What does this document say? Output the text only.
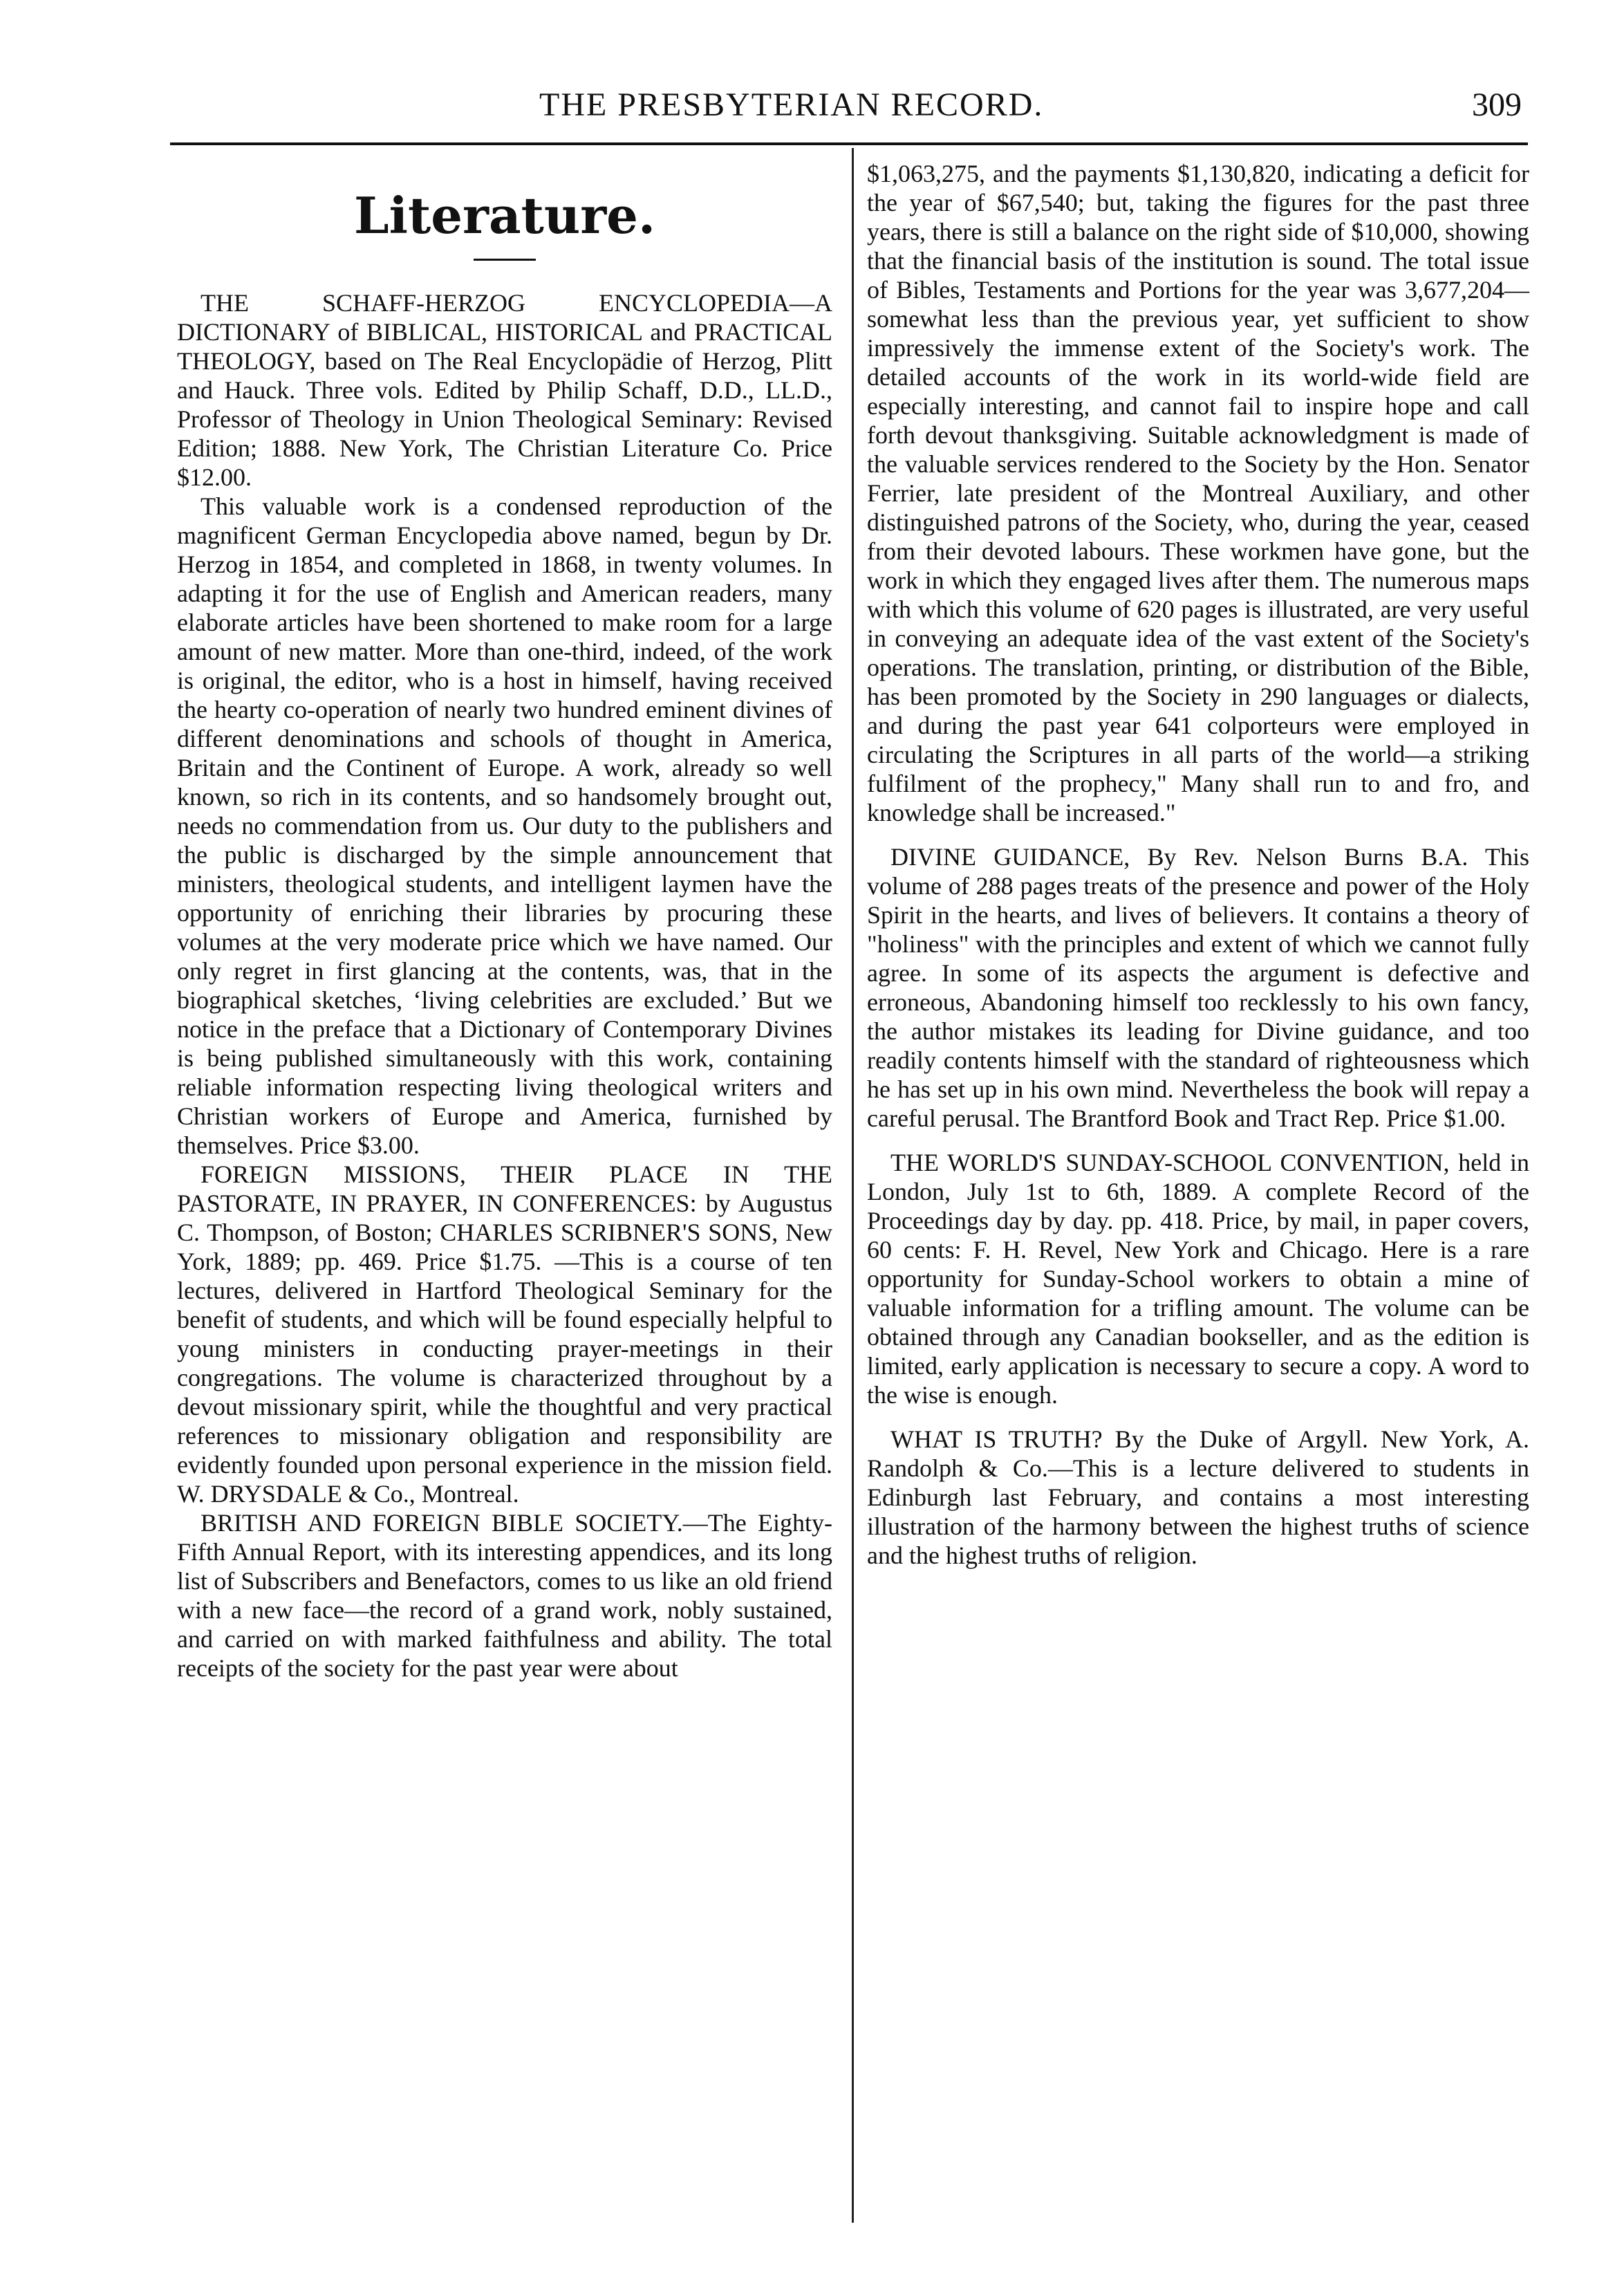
THE PRESBYTERIAN RECORD.	309
Literature.

THE SCHAFF-HERZOG ENCYCLOPEDIA—A DICTIONARY of BIBLICAL, HISTORICAL and PRACTICAL THEOLOGY, based on The Real Encyclopädie of Herzog, Plitt and Hauck. Three vols. Edited by Philip Schaff, D.D., LL.D., Professor of Theology in Union Theological Seminary: Revised Edition; 1888. New York, The Christian Literature Co. Price $12.00.

This valuable work is a condensed reproduction of the magnificent German Encyclopedia above named, begun by Dr. Herzog in 1854, and completed in 1868, in twenty volumes. In adapting it for the use of English and American readers, many elaborate articles have been shortened to make room for a large amount of new matter. More than one-third, indeed, of the work is original, the editor, who is a host in himself, having received the hearty co-operation of nearly two hundred eminent divines of different denominations and schools of thought in America, Britain and the Continent of Europe. A work, already so well known, so rich in its contents, and so handsomely brought out, needs no commendation from us. Our duty to the publishers and the public is discharged by the simple announcement that ministers, theological students, and intelligent laymen have the opportunity of enriching their libraries by procuring these volumes at the very moderate price which we have named. Our only regret in first glancing at the contents, was, that in the biographical sketches, ‘living celebrities are excluded.’ But we notice in the preface that a Dictionary of Contemporary Divines is being published simultaneously with this work, containing reliable information respecting living theological writers and Christian workers of Europe and America, furnished by themselves. Price $3.00.

FOREIGN MISSIONS, THEIR PLACE IN THE PASTORATE, IN PRAYER, IN CONFERENCES: by Augustus C. Thompson, of Boston; CHARLES SCRIBNER'S SONS, New York, 1889; pp. 469. Price $1.75. —This is a course of ten lectures, delivered in Hartford Theological Seminary for the benefit of students, and which will be found especially helpful to young ministers in conducting prayer-meetings in their congregations. The volume is characterized throughout by a devout missionary spirit, while the thoughtful and very practical references to missionary obligation and responsibility are evidently founded upon personal experience in the mission field. W. DRYSDALE & Co., Montreal.

BRITISH AND FOREIGN BIBLE SOCIETY.—The Eighty-Fifth Annual Report, with its interesting appendices, and its long list of Subscribers and Benefactors, comes to us like an old friend with a new face—the record of a grand work, nobly sustained, and carried on with marked faithfulness and ability. The total receipts of the society for the past year were about

$1,063,275, and the payments $1,130,820, indicating a deficit for the year of $67,540; but, taking the figures for the past three years, there is still a balance on the right side of $10,000, showing that the financial basis of the institution is sound. The total issue of Bibles, Testaments and Portions for the year was 3,677,204—somewhat less than the previous year, yet sufficient to show impressively the immense extent of the Society's work. The detailed accounts of the work in its world-wide field are especially interesting, and cannot fail to inspire hope and call forth devout thanksgiving. Suitable acknowledgment is made of the valuable services rendered to the Society by the Hon. Senator Ferrier, late president of the Montreal Auxiliary, and other distinguished patrons of the Society, who, during the year, ceased from their devoted labours. These workmen have gone, but the work in which they engaged lives after them. The numerous maps with which this volume of 620 pages is illustrated, are very useful in conveying an adequate idea of the vast extent of the Society's operations. The translation, printing, or distribution of the Bible, has been promoted by the Society in 290 languages or dialects, and during the past year 641 colporteurs were employed in circulating the Scriptures in all parts of the world—a striking fulfilment of the prophecy," Many shall run to and fro, and knowledge shall be increased."

DIVINE GUIDANCE, By Rev. Nelson Burns B.A. This volume of 288 pages treats of the presence and power of the Holy Spirit in the hearts, and lives of believers. It contains a theory of "holiness" with the principles and extent of which we cannot fully agree. In some of its aspects the argument is defective and erroneous, Abandoning himself too recklessly to his own fancy, the author mistakes its leading for Divine guidance, and too readily contents himself with the standard of righteousness which he has set up in his own mind. Nevertheless the book will repay a careful perusal. The Brantford Book and Tract Rep. Price $1.00.

THE WORLD'S SUNDAY-SCHOOL CONVENTION, held in London, July 1st to 6th, 1889. A complete Record of the Proceedings day by day. pp. 418. Price, by mail, in paper covers, 60 cents: F. H. Revel, New York and Chicago. Here is a rare opportunity for Sunday-School workers to obtain a mine of valuable information for a trifling amount. The volume can be obtained through any Canadian bookseller, and as the edition is limited, early application is necessary to secure a copy. A word to the wise is enough.

WHAT IS TRUTH? By the Duke of Argyll. New York, A. Randolph & Co.—This is a lecture delivered to students in Edinburgh last February, and contains a most interesting illustration of the harmony between the highest truths of science and the highest truths of religion.
